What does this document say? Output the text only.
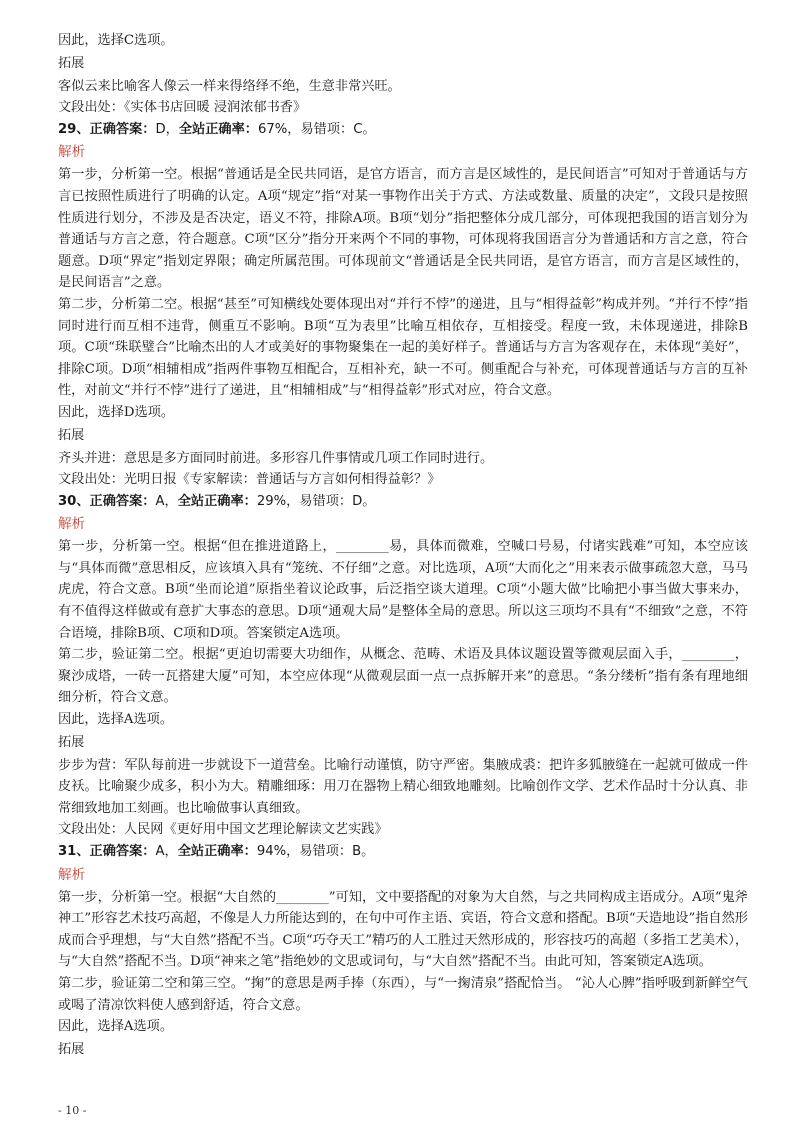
因此，选择C选项。

拓展

客似云来比喻客人像云一样来得络绎不绝，生意非常兴旺。

文段出处：《实体书店回暖 浸润浓郁书香》

29、正确答案：D，全站正确率：67%，易错项：C。

解析

第一步，分析第一空。根据“普通话是全民共同语，是官方语言，而方言是区域性的，是民间语言”可知对于普通话与方言已按照性质进行了明确的认定。A项“规定”指“对某一事物作出关于方式、方法或数量、质量的决定”，文段只是按照性质进行划分，不涉及是否决定，语义不符，排除A项。B项“划分”指把整体分成几部分，可体现把我国的语言划分为普通话与方言之意，符合题意。C项“区分”指分开来两个不同的事物，可体现将我国语言分为普通话和方言之意，符合题意。D项“界定”指划定界限；确定所属范围。可体现前文“普通话是全民共同语，是官方语言，而方言是区域性的，是民间语言”之意。

第二步，分析第二空。根据“甚至”可知横线处要体现出对“并行不悖”的递进，且与“相得益彰”构成并列。“并行不悖”指同时进行而互相不违背，侧重互不影响。B项“互为表里”比喻互相依存，互相接受。程度一致，未体现递进，排除B项。C项“珠联璧合”比喻杰出的人才或美好的事物聚集在一起的美好样子。普通话与方言为客观存在，未体现“美好”，排除C项。D项“相辅相成”指两件事物互相配合，互相补充，缺一不可。侧重配合与补充，可体现普通话与方言的互补性，对前文“并行不悖”进行了递进，且“相辅相成”与“相得益彰”形式对应，符合文意。

因此，选择D选项。

拓展

齐头并进：意思是多方面同时前进。多形容几件事情或几项工作同时进行。

文段出处：光明日报《专家解读：普通话与方言如何相得益彰？》

30、正确答案：A，全站正确率：29%，易错项：D。

解析

第一步，分析第一空。根据“但在推进道路上，________易，具体而微难，空喊口号易，付诸实践难”可知，本空应该与“具体而微”意思相反，应该填入具有“笼统、不仔细”之意。对比选项，A项“大而化之”用来表示做事疏忽大意，马马虎虎，符合文意。B项“坐而论道”原指坐着议论政事，后泛指空谈大道理。C项“小题大做”比喻把小事当做大事来办，有不值得这样做或有意扩大事态的意思。D项“通观大局”是整体全局的意思。所以这三项均不具有“不细致”之意，不符合语境，排除B项、C项和D项。答案锁定A选项。

第二步，验证第二空。根据“更迫切需要大功细作，从概念、范畴、术语及具体议题设置等微观层面入手，________，聚沙成塔，一砖一瓦搭建大厦”可知，本空应体现“从微观层面一点一点拆解开来”的意思。“条分缕析”指有条有理地细细分析，符合文意。

因此，选择A选项。

拓展

步步为营：军队每前进一步就设下一道营垒。比喻行动谨慎，防守严密。集腋成裘：把许多狐腋缝在一起就可做成一件皮袄。比喻聚少成多，积小为大。精雕细琢：用刀在器物上精心细致地雕刻。比喻创作文学、艺术作品时十分认真、非常细致地加工刻画。也比喻做事认真细致。

文段出处：人民网《更好用中国文艺理论解读文艺实践》

31、正确答案：A，全站正确率：94%，易错项：B。

解析

第一步，分析第一空。根据“大自然的________”可知，文中要搭配的对象为大自然，与之共同构成主语成分。A项“鬼斧神工”形容艺术技巧高超，不像是人力所能达到的，在句中可作主语、宾语，符合文意和搭配。B项“天造地设”指自然形成而合乎理想，与“大自然”搭配不当。C项“巧夺天工”精巧的人工胜过天然形成的，形容技巧的高超（多指工艺美术），与“大自然”搭配不当。D项“神来之笔”指绝妙的文思或词句，与“大自然”搭配不当。由此可知，答案锁定A选项。

第二步，验证第二空和第三空。“掬”的意思是两手捧（东西），与“一掬清泉”搭配恰当。 “沁人心脾”指呼吸到新鲜空气或喝了清凉饮料使人感到舒适，符合文意。

因此，选择A选项。

拓展

- 10 -
